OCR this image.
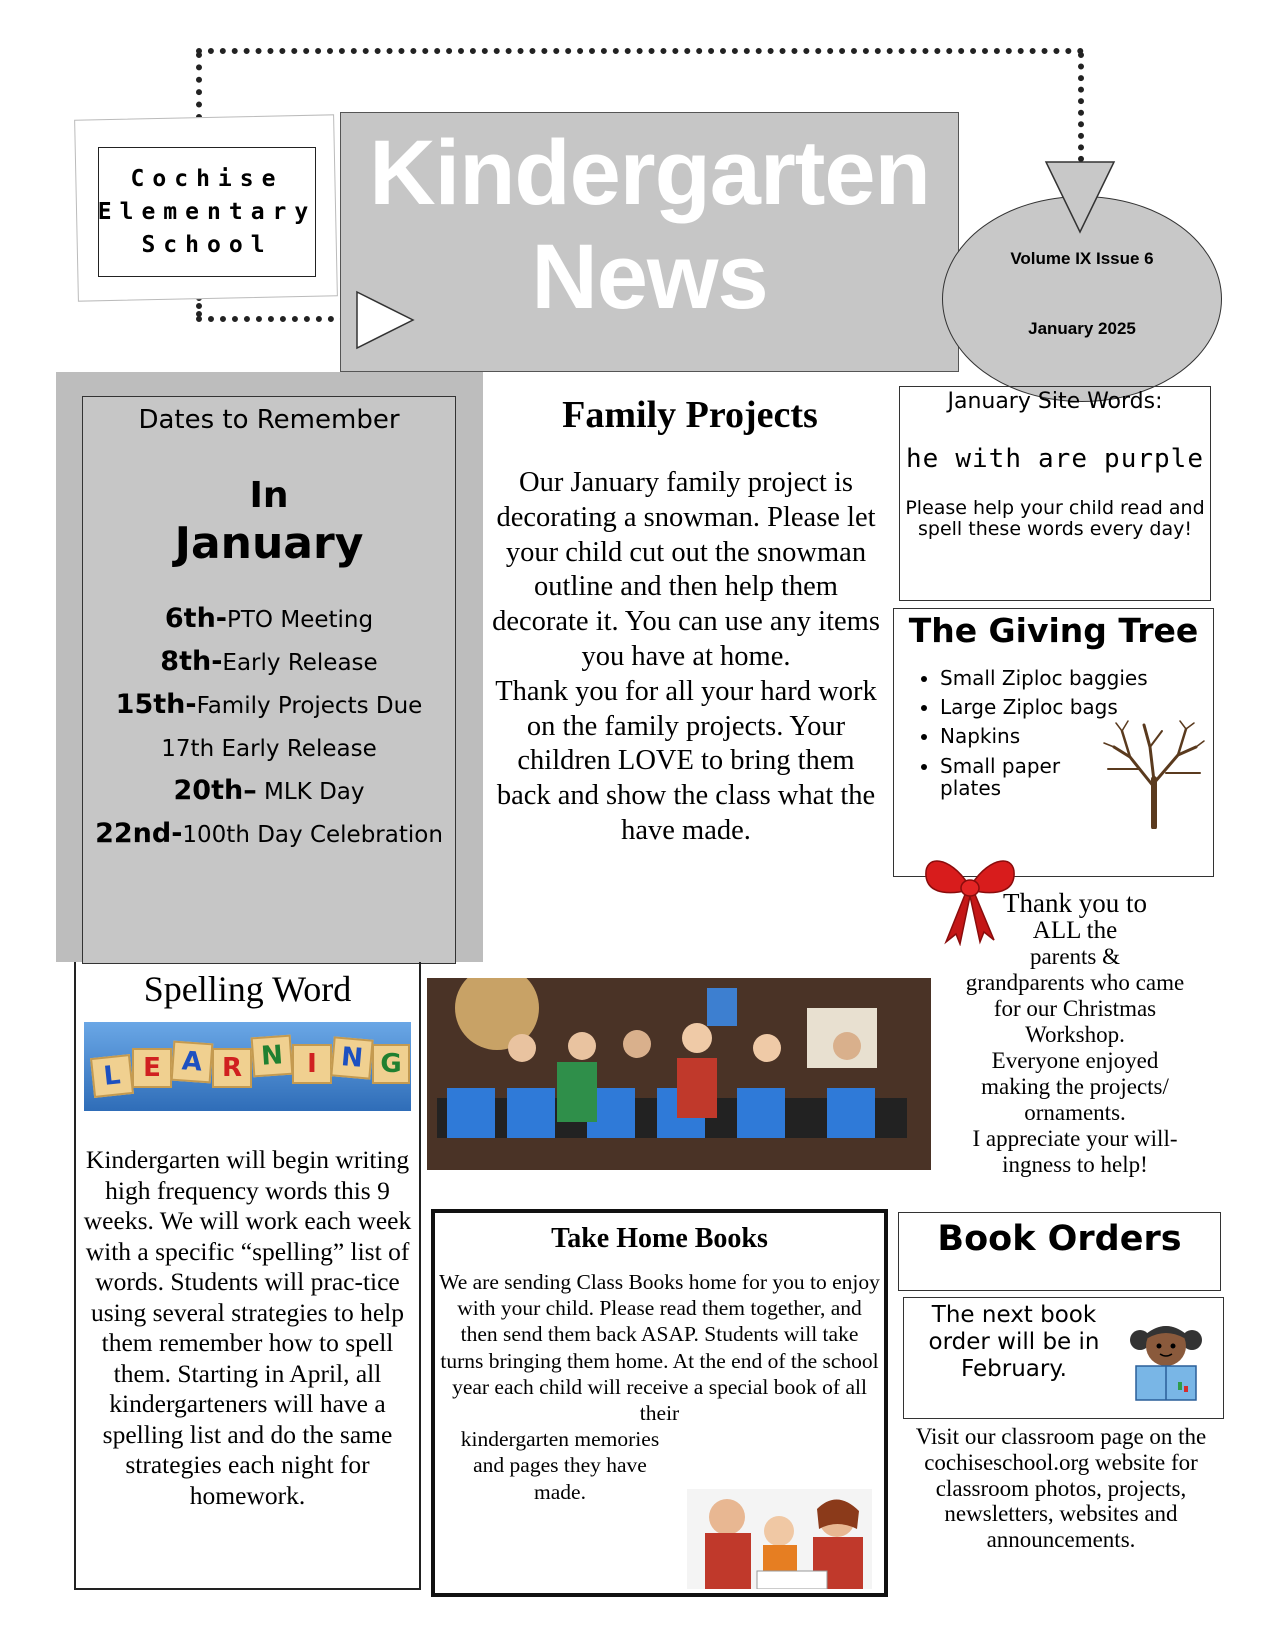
Cochise
Elementary
School
Kindergarten
News	Volume IX Issue 6
January 2025
Dates to Remember
In
January
6th-PTO Meeting
8th-Early Release
15th-Family Projects Due
17th Early Release
20th– MLK Day
22nd-100th Day Celebration
Family Projects
Our January family project is decorating a snowman. Please let your child cut out the snowman outline and then help them decorate it. You can use any items you have at home.
Thank you for all your hard work on the family projects. Your children LOVE to bring them back and show the class what the have made.
January Site Words:
he with are purple
Please help your child read and spell these words every day!
The Giving Tree
• Small Ziploc baggies
• Large Ziploc bags
• Napkins
• Small paper plates
Thank you to
ALL the
parents &
grandparents who came
for our Christmas
Workshop.
Everyone enjoyed
making the projects/
ornaments.
I appreciate your will-
ingness to help!
Spelling Word
L E A R N I N G
Kindergarten will begin writing high frequency words this 9 weeks. We will work each week with a specific “spelling” list of words. Students will prac-tice using several strategies to help them remember how to spell them. Starting in April, all kindergarteners will have a spelling list and do the same strategies each night for homework.
Take Home Books
We are sending Class Books home for you to enjoy with your child. Please read them together, and then send them back ASAP. Students will take turns bringing them home. At the end of the school year each child will receive a special book of all their
kindergarten memories
and pages they have
made.
Book Orders
The next book order will be in February.
Visit our classroom page on the cochiseschool.org website for classroom photos, projects, newsletters, websites and announcements.
